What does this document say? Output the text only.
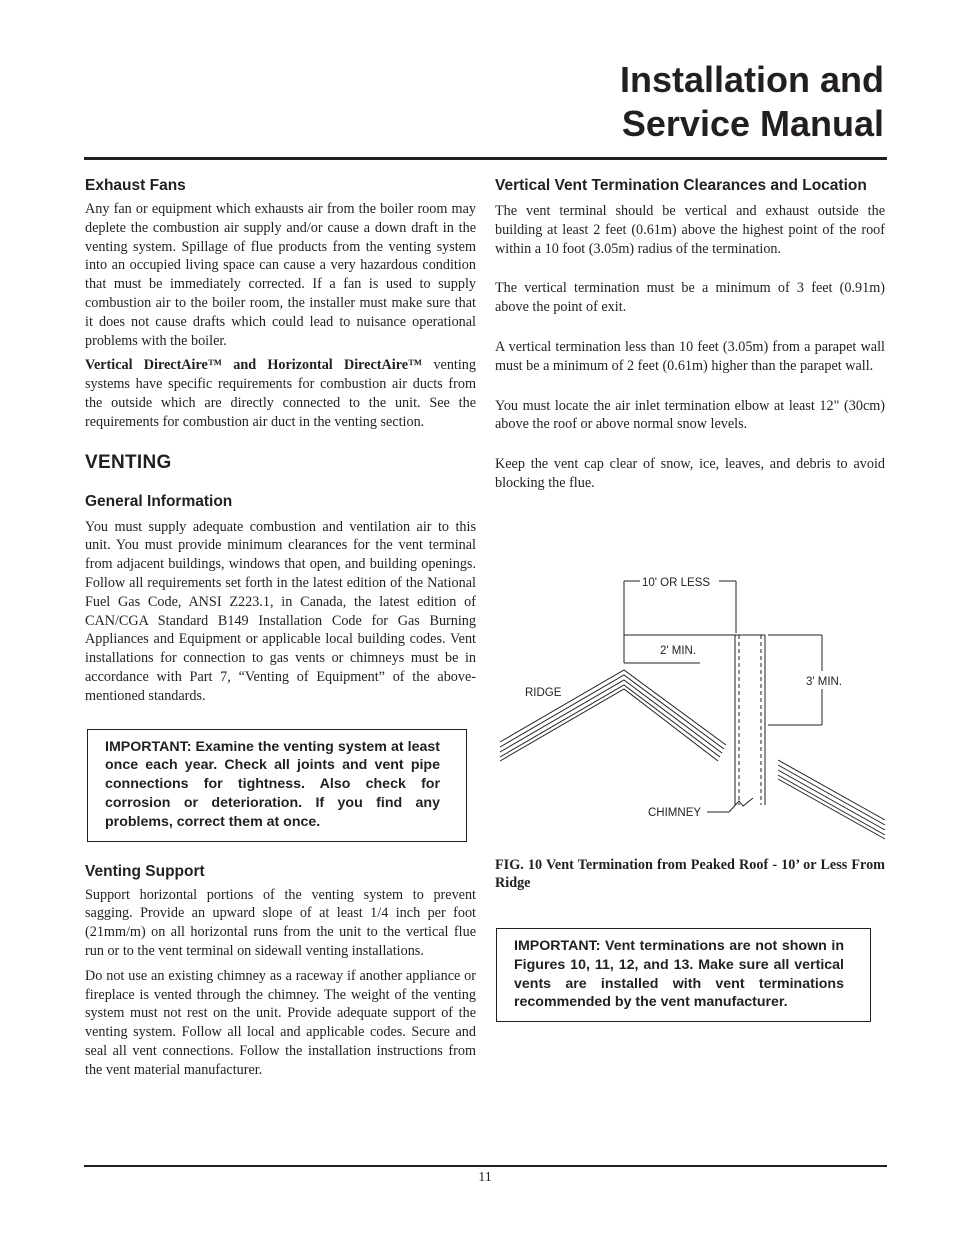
Installation and
Service Manual
Exhaust Fans

Any fan or equipment which exhausts air from the boiler room may deplete the combustion air supply and/or cause a down draft in the venting system. Spillage of flue products from the venting system into an occupied living space can cause a very hazardous condition that must be immediately corrected. If a fan is used to supply combustion air to the boiler room, the installer must make sure that it does not cause drafts which could lead to nuisance operational problems with the boiler.

Vertical DirectAire™ and Horizontal DirectAire™ venting systems have specific requirements for combustion air ducts from the outside which are directly connected to the unit. See the requirements for combustion air duct in the venting section.

VENTING
General Information

You must supply adequate combustion and ventilation air to this unit. You must provide minimum clearances for the vent terminal from adjacent buildings, windows that open, and building openings. Follow all requirements set forth in the latest edition of the National Fuel Gas Code, ANSI Z223.1, in Canada, the latest edition of CAN/CGA Standard B149 Installation Code for Gas Burning Appliances and Equipment or applicable local building codes. Vent installations for connection to gas vents or chimneys must be in accordance with Part 7, “Venting of Equipment” of the above-mentioned standards.

IMPORTANT: Examine the venting system at least once each year. Check all joints and vent pipe connections for tightness. Also check for corrosion or deterioration. If you find any problems, correct them at once.
Venting Support

Support horizontal portions of the venting system to prevent sagging. Provide an upward slope of at least 1/4 inch per foot (21mm/m) on all horizontal runs from the unit to the vertical flue run or to the vent terminal on sidewall venting installations.

Do not use an existing chimney as a raceway if another appliance or fireplace is vented through the chimney. The weight of the venting system must not rest on the unit. Provide adequate support of the venting system. Follow all local and applicable codes. Secure and seal all vent connections. Follow the installation instructions from the vent material manufacturer.

Vertical Vent Termination Clearances and Location

The vent terminal should be vertical and exhaust outside the building at least 2 feet (0.61m) above the highest point of the roof within a 10 foot (3.05m) radius of the termination.

The vertical termination must be a minimum of 3 feet (0.91m) above the point of exit.

A vertical termination less than 10 feet (3.05m) from a parapet wall must be a minimum of 2 feet (0.61m) higher than the parapet wall.

You must locate the air inlet termination elbow at least 12" (30cm) above the roof or above normal snow levels.

Keep the vent cap clear of snow, ice, leaves, and debris to avoid blocking the flue.

10' OR LESS
2' MIN.
3' MIN.
RIDGE
CHIMNEY

FIG. 10 Vent Termination from Peaked Roof - 10’ or Less From Ridge

IMPORTANT: Vent terminations are not shown in Figures 10, 11, 12, and 13. Make sure all vertical vents are installed with vent terminations recommended by the vent manufacturer.
11
